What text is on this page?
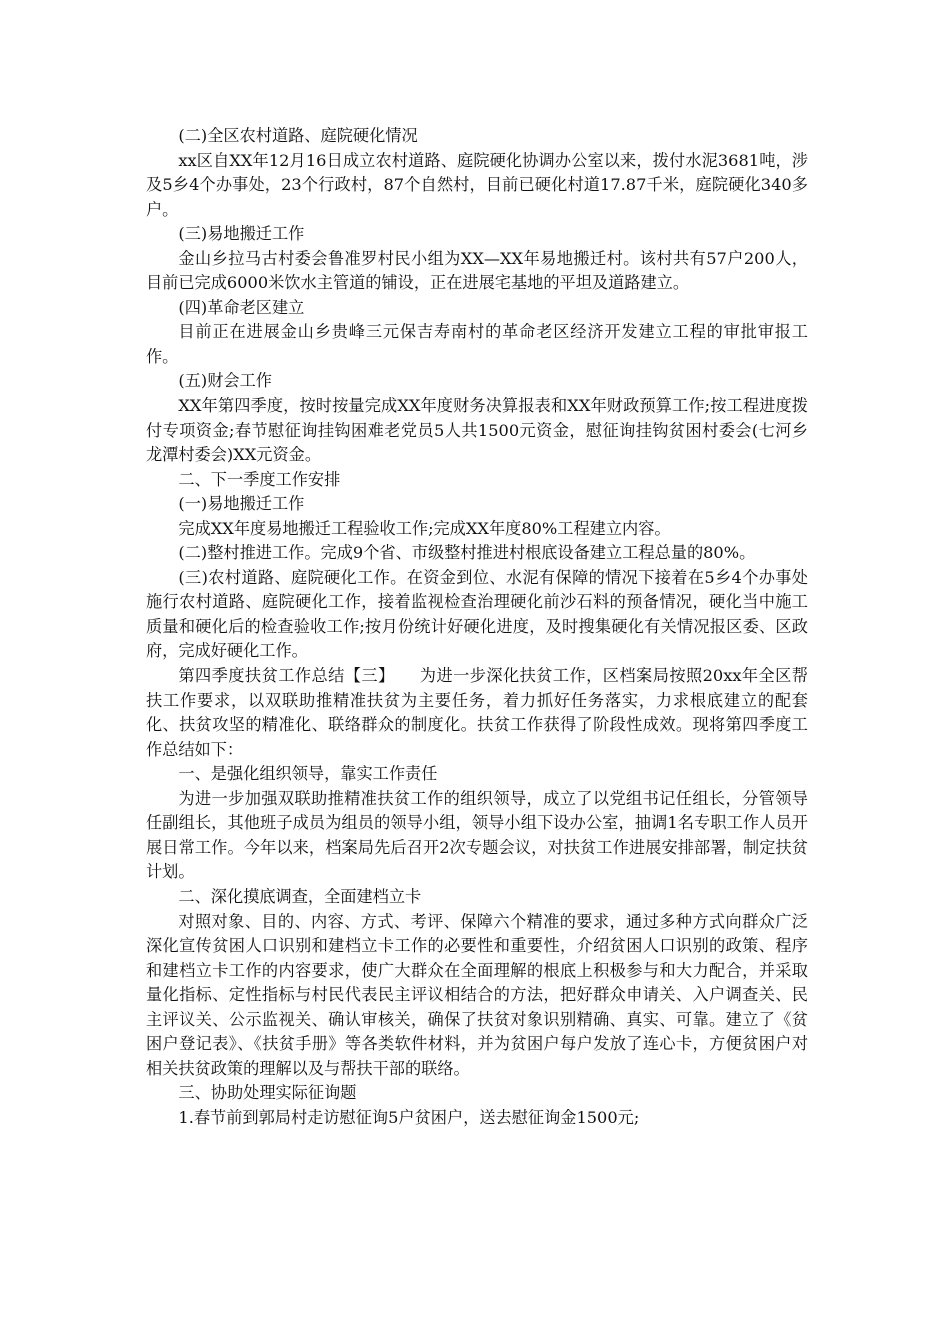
(二)全区农村道路、庭院硬化情况

xx区自XX年12月16日成立农村道路、庭院硬化协调办公室以来，拨付水泥3681吨，涉及5乡4个办事处，23个行政村，87个自然村，目前已硬化村道17.87千米，庭院硬化340多户。

(三)易地搬迁工作

金山乡拉马古村委会鲁准罗村民小组为XX—XX年易地搬迁村。该村共有57户200人，目前已完成6000米饮水主管道的铺设，正在进展宅基地的平坦及道路建立。

(四)革命老区建立

目前正在进展金山乡贵峰三元保吉寿南村的革命老区经济开发建立工程的审批审报工作。

(五)财会工作

XX年第四季度，按时按量完成XX年度财务决算报表和XX年财政预算工作;按工程进度拨付专项资金;春节慰征询挂钩困难老党员5人共1500元资金，慰征询挂钩贫困村委会(七河乡龙潭村委会)XX元资金。

二、下一季度工作安排

(一)易地搬迁工作

完成XX年度易地搬迁工程验收工作;完成XX年度80%工程建立内容。

(二)整村推进工作。完成9个省、市级整村推进村根底设备建立工程总量的80%。

(三)农村道路、庭院硬化工作。在资金到位、水泥有保障的情况下接着在5乡4个办事处施行农村道路、庭院硬化工作，接着监视检查治理硬化前沙石料的预备情况，硬化当中施工质量和硬化后的检查验收工作;按月份统计好硬化进度，及时搜集硬化有关情况报区委、区政府，完成好硬化工作。

第四季度扶贫工作总结【三】　　为进一步深化扶贫工作，区档案局按照20xx年全区帮扶工作要求，以双联助推精准扶贫为主要任务，着力抓好任务落实，力求根底建立的配套化、扶贫攻坚的精准化、联络群众的制度化。扶贫工作获得了阶段性成效。现将第四季度工作总结如下：

一、是强化组织领导，靠实工作责任

为进一步加强双联助推精准扶贫工作的组织领导，成立了以党组书记任组长，分管领导任副组长，其他班子成员为组员的领导小组，领导小组下设办公室，抽调1名专职工作人员开展日常工作。今年以来，档案局先后召开2次专题会议，对扶贫工作进展安排部署，制定扶贫计划。

二、深化摸底调查，全面建档立卡

对照对象、目的、内容、方式、考评、保障六个精准的要求，通过多种方式向群众广泛深化宣传贫困人口识别和建档立卡工作的必要性和重要性，介绍贫困人口识别的政策、程序和建档立卡工作的内容要求，使广大群众在全面理解的根底上积极参与和大力配合，并采取量化指标、定性指标与村民代表民主评议相结合的方法，把好群众申请关、入户调查关、民主评议关、公示监视关、确认审核关，确保了扶贫对象识别精确、真实、可靠。建立了《贫困户登记表》、《扶贫手册》等各类软件材料，并为贫困户每户发放了连心卡，方便贫困户对相关扶贫政策的理解以及与帮扶干部的联络。

三、协助处理实际征询题

1.春节前到郭局村走访慰征询5户贫困户，送去慰征询金1500元;
